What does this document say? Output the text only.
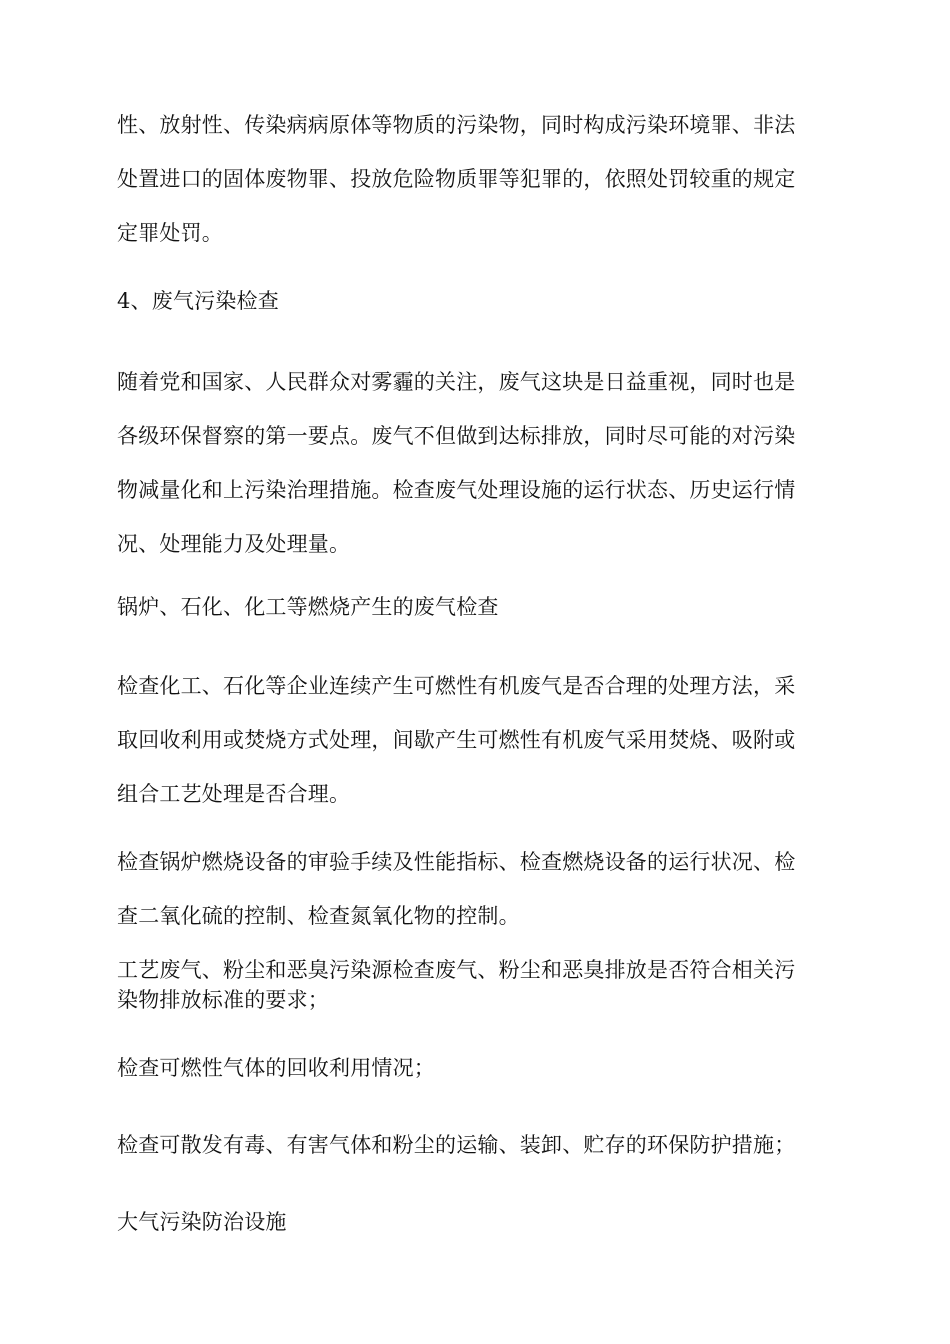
性、放射性、传染病病原体等物质的污染物，同时构成污染环境罪、非法
处置进口的固体废物罪、投放危险物质罪等犯罪的，依照处罚较重的规定
定罪处罚。

4、废气污染检查

随着党和国家、人民群众对雾霾的关注，废气这块是日益重视，同时也是
各级环保督察的第一要点。废气不但做到达标排放，同时尽可能的对污染
物减量化和上污染治理措施。检查废气处理设施的运行状态、历史运行情
况、处理能力及处理量。

锅炉、石化、化工等燃烧产生的废气检查

检查化工、石化等企业连续产生可燃性有机废气是否合理的处理方法，采
取回收利用或焚烧方式处理，间歇产生可燃性有机废气采用焚烧、吸附或
组合工艺处理是否合理。

检查锅炉燃烧设备的审验手续及性能指标、检查燃烧设备的运行状况、检
查二氧化硫的控制、检查氮氧化物的控制。

工艺废气、粉尘和恶臭污染源检查废气、粉尘和恶臭排放是否符合相关污
染物排放标准的要求；

检查可燃性气体的回收利用情况；

检查可散发有毒、有害气体和粉尘的运输、装卸、贮存的环保防护措施；

大气污染防治设施
